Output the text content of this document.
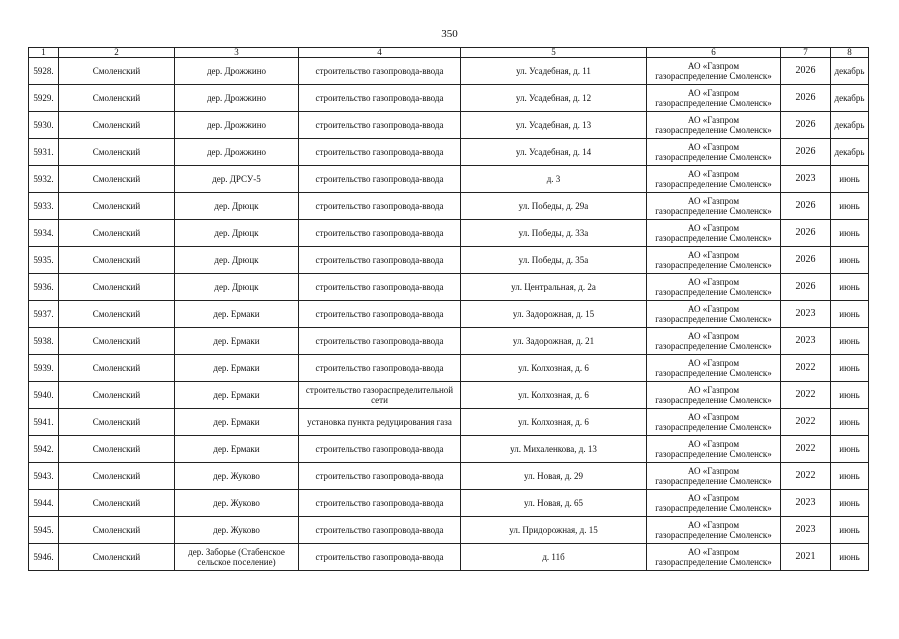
350
1	2	3	4	5	6	7	8
5928.	Смоленский	дер. Дрожжино	строительство газопровода-ввода	ул. Усадебная, д. 11	АО «Газпром
газораспределение Смоленск»	2026	декабрь
5929.	Смоленский	дер. Дрожжино	строительство газопровода-ввода	ул. Усадебная, д. 12	АО «Газпром
газораспределение Смоленск»	2026	декабрь
5930.	Смоленский	дер. Дрожжино	строительство газопровода-ввода	ул. Усадебная, д. 13	АО «Газпром
газораспределение Смоленск»	2026	декабрь
5931.	Смоленский	дер. Дрожжино	строительство газопровода-ввода	ул. Усадебная, д. 14	АО «Газпром
газораспределение Смоленск»	2026	декабрь
5932.	Смоленский	дер. ДРСУ-5	строительство газопровода-ввода	д. 3	АО «Газпром
газораспределение Смоленск»	2023	июнь
5933.	Смоленский	дер. Дрюцк	строительство газопровода-ввода	ул. Победы, д. 29а	АО «Газпром
газораспределение Смоленск»	2026	июнь
5934.	Смоленский	дер. Дрюцк	строительство газопровода-ввода	ул. Победы, д. 33а	АО «Газпром
газораспределение Смоленск»	2026	июнь
5935.	Смоленский	дер. Дрюцк	строительство газопровода-ввода	ул. Победы, д. 35а	АО «Газпром
газораспределение Смоленск»	2026	июнь
5936.	Смоленский	дер. Дрюцк	строительство газопровода-ввода	ул. Центральная, д. 2а	АО «Газпром
газораспределение Смоленск»	2026	июнь
5937.	Смоленский	дер. Ермаки	строительство газопровода-ввода	ул. Задорожная, д. 15	АО «Газпром
газораспределение Смоленск»	2023	июнь
5938.	Смоленский	дер. Ермаки	строительство газопровода-ввода	ул. Задорожная, д. 21	АО «Газпром
газораспределение Смоленск»	2023	июнь
5939.	Смоленский	дер. Ермаки	строительство газопровода-ввода	ул. Колхозная, д. 6	АО «Газпром
газораспределение Смоленск»	2022	июнь
5940.	Смоленский	дер. Ермаки	строительство газораспределительной сети	ул. Колхозная, д. 6	АО «Газпром
газораспределение Смоленск»	2022	июнь
5941.	Смоленский	дер. Ермаки	установка пункта редуцирования газа	ул. Колхозная, д. 6	АО «Газпром
газораспределение Смоленск»	2022	июнь
5942.	Смоленский	дер. Ермаки	строительство газопровода-ввода	ул. Михаленкова, д. 13	АО «Газпром
газораспределение Смоленск»	2022	июнь
5943.	Смоленский	дер. Жуково	строительство газопровода-ввода	ул. Новая, д. 29	АО «Газпром
газораспределение Смоленск»	2022	июнь
5944.	Смоленский	дер. Жуково	строительство газопровода-ввода	ул. Новая, д. 65	АО «Газпром
газораспределение Смоленск»	2023	июнь
5945.	Смоленский	дер. Жуково	строительство газопровода-ввода	ул. Придорожная, д. 15	АО «Газпром
газораспределение Смоленск»	2023	июнь
5946.	Смоленский	дер. Заборье (Стабенское сельское поселение)	строительство газопровода-ввода	д. 11б	АО «Газпром
газораспределение Смоленск»	2021	июнь
